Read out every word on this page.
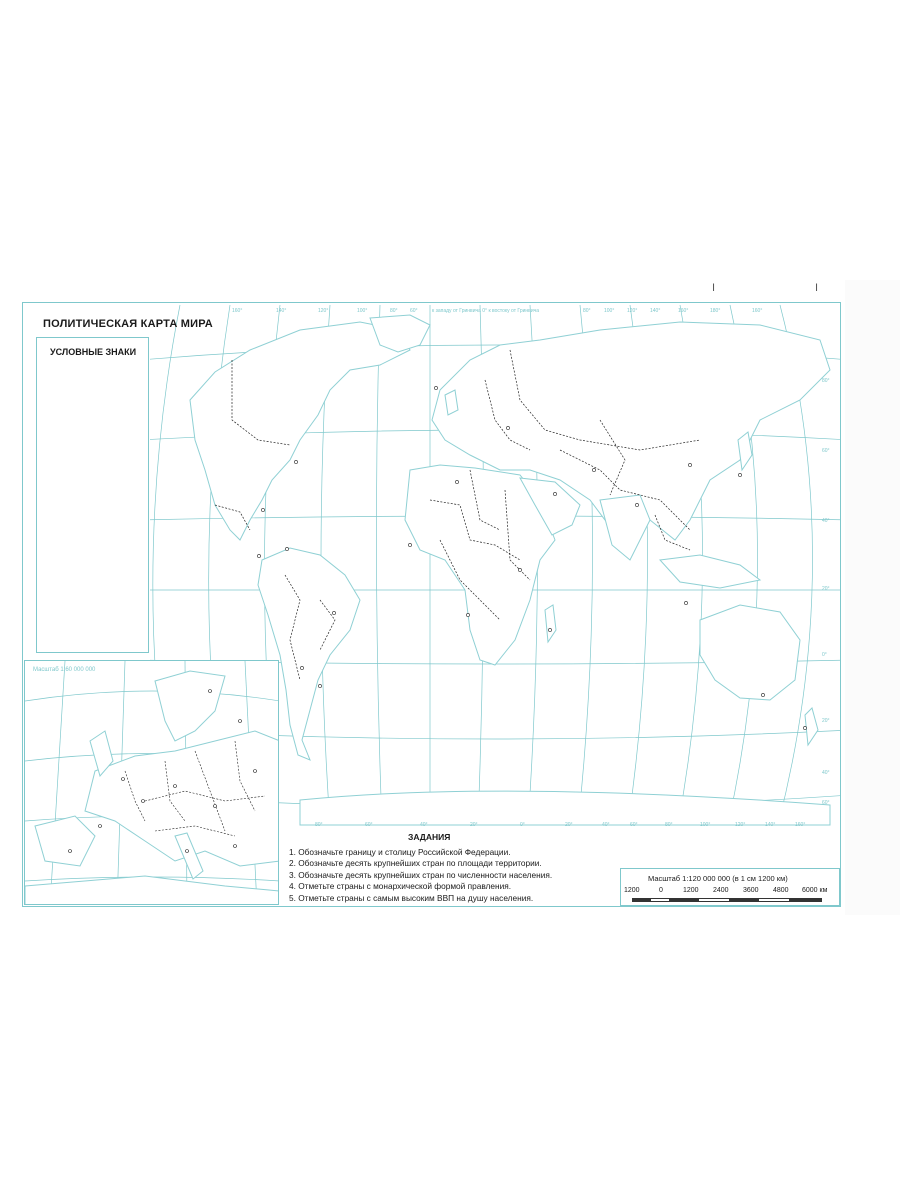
I	I
160°	140°	120°	100°	80° 60°	к западу от Гринвича 0° к востоку от Гринвича	80°	100°	120°	140°	160°	180°	160°
80°	60°	40°	20°	0°	20°	40°	60°	80°	100°	120°	140°	160°
80°
60°
40°
20°
0°
20°
40°
60°
ПОЛИТИЧЕСКАЯ КАРТА МИРА
УСЛОВНЫЕ ЗНАКИ
Масштаб 1:60 000 000
ЗАДАНИЯ
1. Обозначьте границу и столицу Российской Федерации.
2. Обозначьте десять крупнейших стран по площади территории.
3. Обозначьте десять крупнейших стран по численности населения.
4. Отметьте страны с монархической формой правления.
5. Отметьте страны с самым высоким ВВП на душу населения.
Масштаб 1:120 000 000 (в 1 см 1200 км)
1200	0	1200 2400 3600 4800 6000 км
